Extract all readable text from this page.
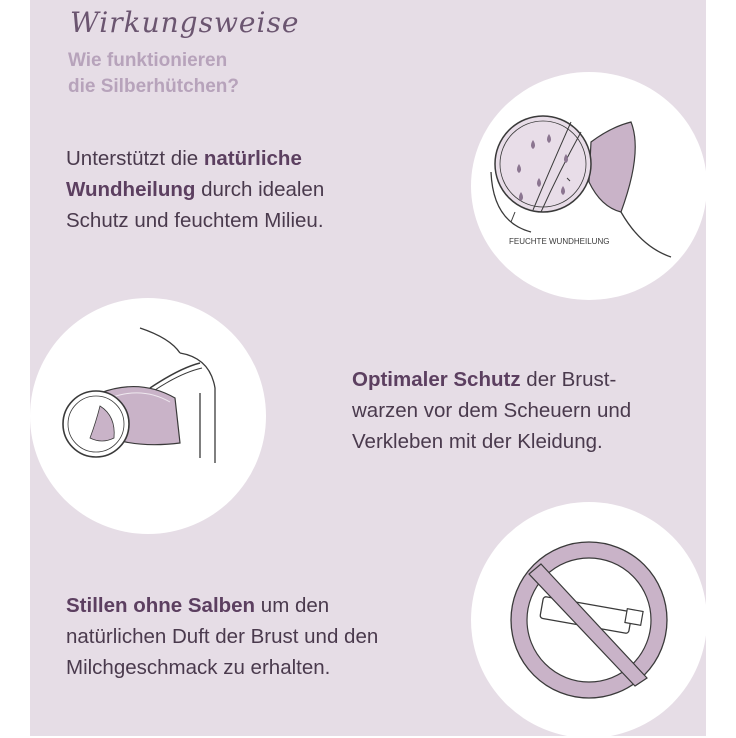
Wirkungsweise
Wie funktionieren
die Silberhütchen?
Unterstützt die natürliche
Wundheilung durch idealen
Schutz und feuchtem Milieu.
Optimaler Schutz der Brust-
warzen vor dem Scheuern und
Verkleben mit der Kleidung.
Stillen ohne Salben um den
natürlichen Duft der Brust und den
Milchgeschmack zu erhalten.
FEUCHTE WUNDHEILUNG
